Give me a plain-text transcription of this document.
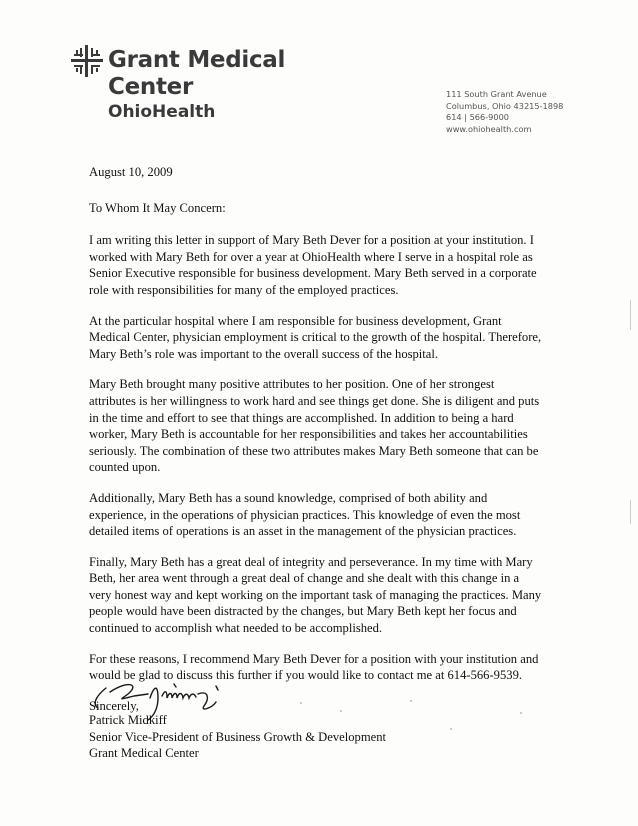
Grant Medical
Center
OhioHealth
111 South Grant Avenue
Columbus, Ohio 43215-1898
614 | 566-9000
www.ohiohealth.com

August 10, 2009

To Whom It May Concern:

I am writing this letter in support of Mary Beth Dever for a position at your institution. I
worked with Mary Beth for over a year at OhioHealth where I serve in a hospital role as
Senior Executive responsible for business development. Mary Beth served in a corporate
role with responsibilities for many of the employed practices.

At the particular hospital where I am responsible for business development, Grant
Medical Center, physician employment is critical to the growth of the hospital. Therefore,
Mary Beth’s role was important to the overall success of the hospital.

Mary Beth brought many positive attributes to her position. One of her strongest
attributes is her willingness to work hard and see things get done. She is diligent and puts
in the time and effort to see that things are accomplished. In addition to being a hard
worker, Mary Beth is accountable for her responsibilities and takes her accountabilities
seriously. The combination of these two attributes makes Mary Beth someone that can be
counted upon.

Additionally, Mary Beth has a sound knowledge, comprised of both ability and
experience, in the operations of physician practices. This knowledge of even the most
detailed items of operations is an asset in the management of the physician practices.

Finally, Mary Beth has a great deal of integrity and perseverance. In my time with Mary
Beth, her area went through a great deal of change and she dealt with this change in a
very honest way and kept working on the important task of managing the practices. Many
people would have been distracted by the changes, but Mary Beth kept her focus and
continued to accomplish what needed to be accomplished.

For these reasons, I recommend Mary Beth Dever for a position with your institution and
would be glad to discuss this further if you would like to contact me at 614-566-9539.

Sincerely,

Patrick Midkiff
Senior Vice-President of Business Growth & Development
Grant Medical Center
